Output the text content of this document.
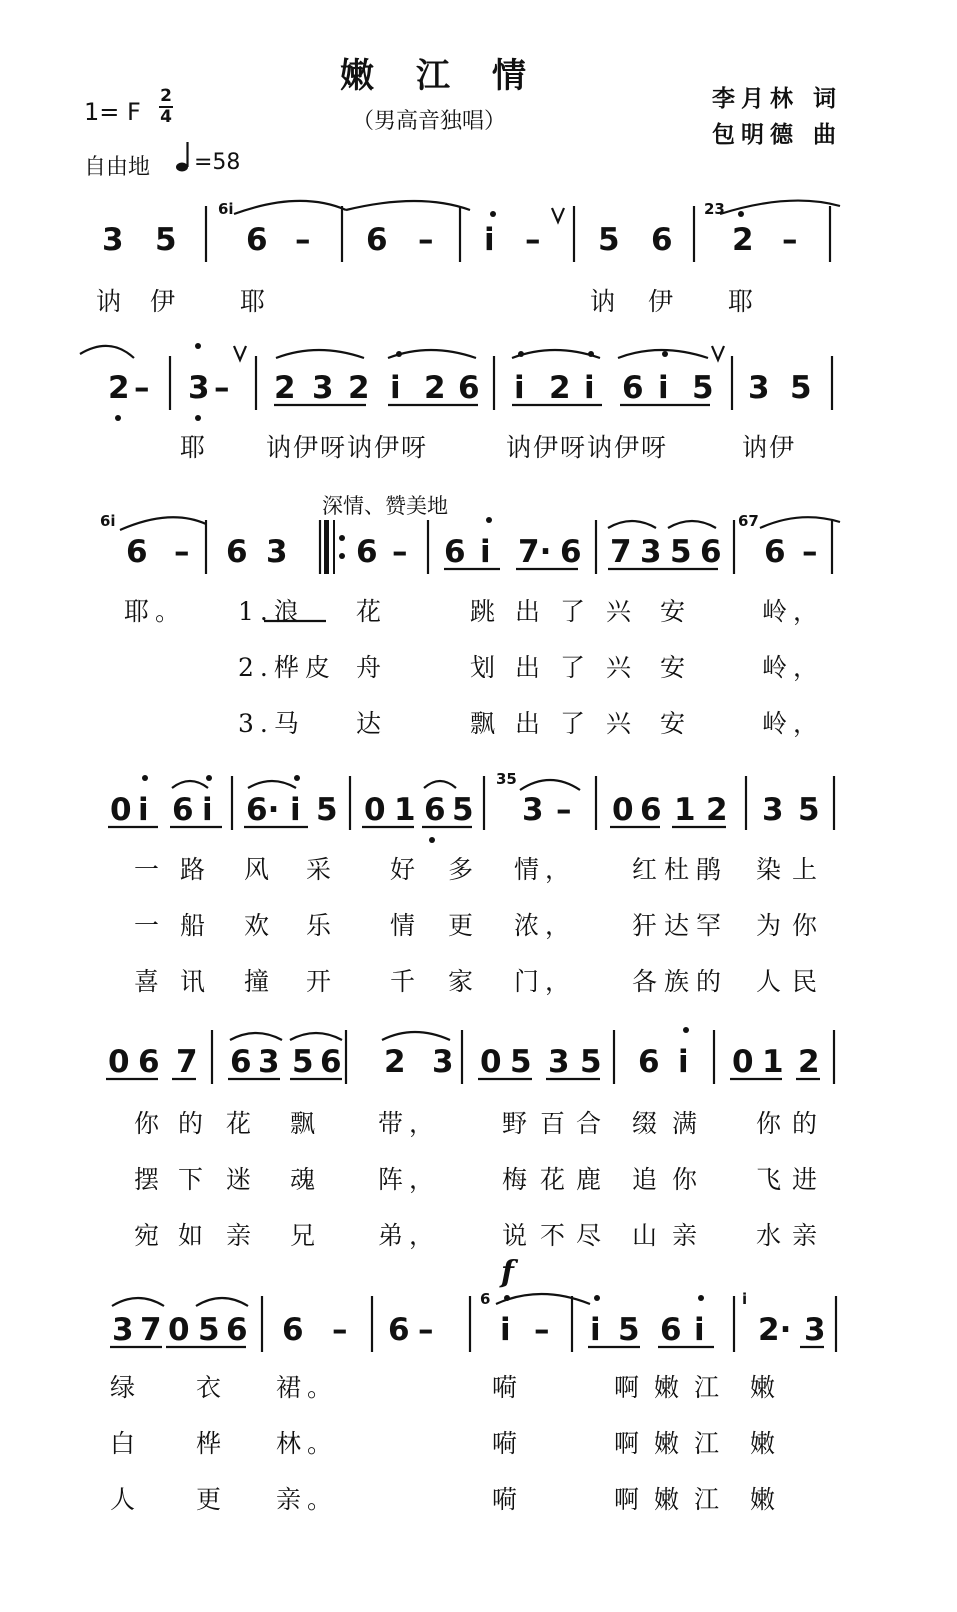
嫩江情
（男高音独唱）
李月林 词
包明德 曲
1= F
2
4
自由地 =58
深情、赞美地
f
3 5
6i
6 – 6 – i – 5 6
23
2 –
讷 伊 耶	讷 伊 耶
2 – 3 – 2 3 2 i 2 6 i 2 i 6 i 5 3 5
耶 讷伊呀讷伊呀	讷伊呀讷伊呀	讷伊
6i
6 – 6 3 6 – 6 i 7· 6 7 3 5 6
67
6 –
耶。 1.浪 花	跳 出 了 兴 安	岭，
2.桦皮 舟	划 出 了 兴 安	岭，
3.马 达	飘 出 了 兴 安	岭，
0 i 6 i 6· i 5 0 1 6 5
35
3 – 0 6 1 2 3 5
一 路 风 采 好 多 情， 红 杜 鹃 染 上
一 船 欢 乐 情 更 浓， 犴 达 罕 为 你
喜 讯 撞 开 千 家 门， 各 族 的 人 民
0 6 7 6 3 5 6 2 3 0 5 3 5 6 i 0 1 2
你 的 花 飘 带， 野 百 合 缀 满 你 的
摆 下 迷 魂 阵， 梅 花 鹿 追 你 飞 进
宛 如 亲 兄 弟， 说 不 尽 山 亲 水 亲
3 7 0 5 6 6 – 6 –
6
i – i 5 6 i
i
2· 3
绿 衣 裙。	嗬	啊 嫩 江 嫩
白 桦 林。	嗬	啊 嫩 江 嫩
人 更 亲。	嗬	啊 嫩 江 嫩
